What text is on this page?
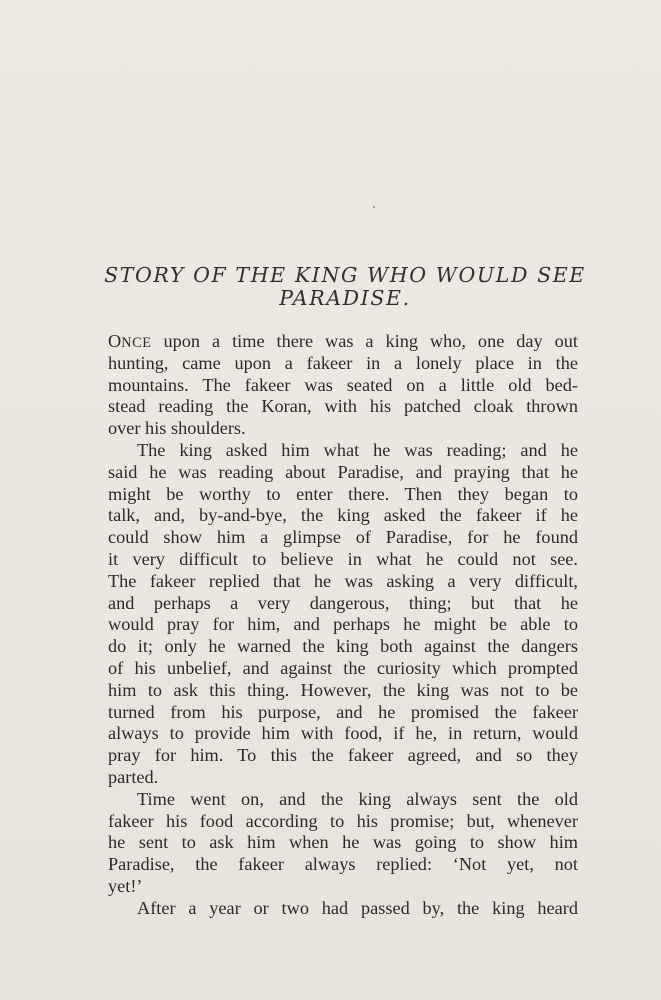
STORY OF THE KING WHO WOULD SEE
PARADISE.
ONCE upon a time there was a king who, one day out
hunting, came upon a fakeer in a lonely place in the
mountains. The fakeer was seated on a little old bed-
stead reading the Koran, with his patched cloak thrown
over his shoulders.
The king asked him what he was reading; and he
said he was reading about Paradise, and praying that he
might be worthy to enter there. Then they began to
talk, and, by-and-bye, the king asked the fakeer if he
could show him a glimpse of Paradise, for he found
it very difficult to believe in what he could not see.
The fakeer replied that he was asking a very difficult,
and perhaps a very dangerous, thing; but that he
would pray for him, and perhaps he might be able to
do it; only he warned the king both against the dangers
of his unbelief, and against the curiosity which prompted
him to ask this thing. However, the king was not to be
turned from his purpose, and he promised the fakeer
always to provide him with food, if he, in return, would
pray for him. To this the fakeer agreed, and so they
parted.
Time went on, and the king always sent the old
fakeer his food according to his promise; but, whenever
he sent to ask him when he was going to show him
Paradise, the fakeer always replied: ‘Not yet, not
yet!’
After a year or two had passed by, the king heard
